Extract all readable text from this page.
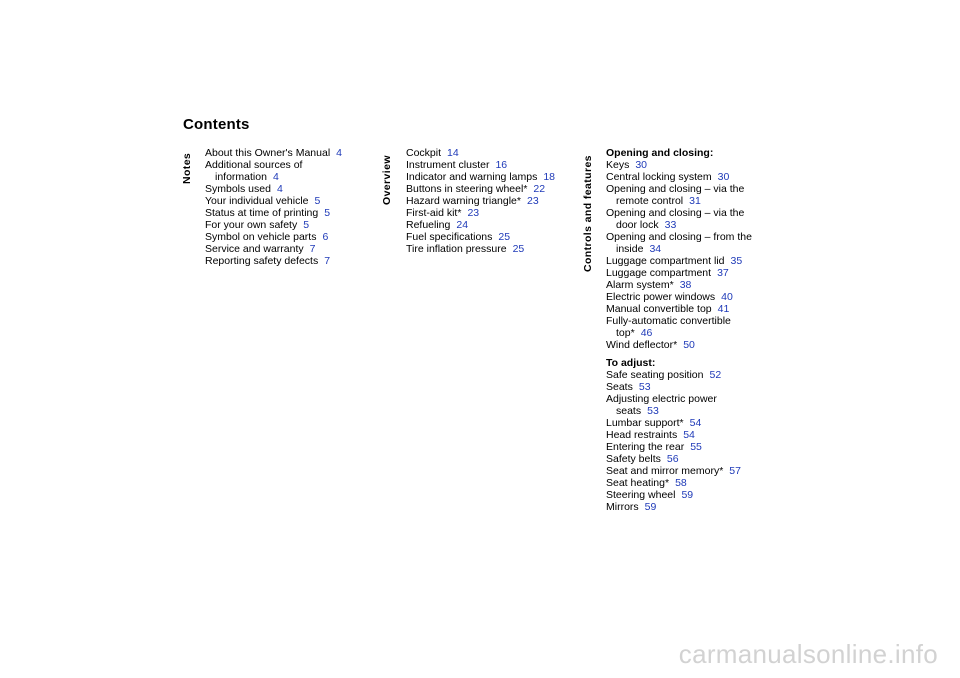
Contents
Notes About this Owner's Manual 4
Additional sources of
information 4
Symbols used 4
Your individual vehicle 5
Status at time of printing 5
For your own safety 5
Symbol on vehicle parts 6
Service and warranty 7
Reporting safety defects 7
Overview
Cockpit 14
Instrument cluster 16
Indicator and warning lamps 18
Buttons in steering wheel* 22
Hazard warning triangle* 23
First-aid kit* 23
Refueling 24
Fuel specifications 25
Tire inflation pressure 25	Controls and features
Opening and closing:
Keys 30
Central locking system 30
Opening and closing – via the
remote control 31
Opening and closing – via the
door lock 33
Opening and closing – from the
inside 34
Luggage compartment lid 35
Luggage compartment 37
Alarm system* 38
Electric power windows 40
Manual convertible top 41
Fully-automatic convertible
top* 46
Wind deflector* 50
To adjust:
Safe seating position 52
Seats 53
Adjusting electric power
seats 53
Lumbar support* 54
Head restraints 54
Entering the rear 55
Safety belts 56
Seat and mirror memory* 57
Seat heating* 58
Steering wheel 59
Mirrors 59
carmanualsonline.info
